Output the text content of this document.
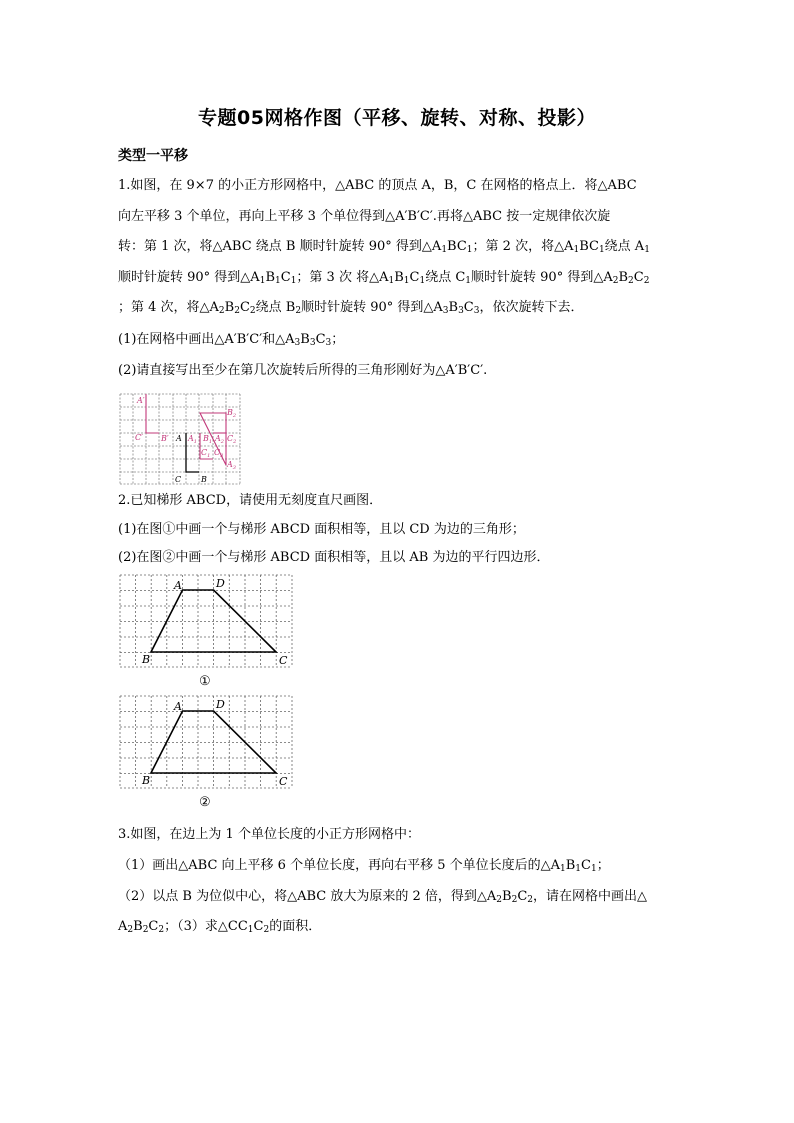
专题05网格作图（平移、旋转、对称、投影）
类型一平移
1.如图，在 9×7 的小正方形网格中，△ABC 的顶点 A，B，C 在网格的格点上．将△ABC
向左平移 3 个单位，再向上平移 3 个单位得到△A′B′C′.再将△ABC 按一定规律依次旋
转：第 1 次，将△ABC 绕点 B 顺时针旋转 90° 得到$\triangle A_1BC_1$；第 2 次，将$\triangle A_1BC_1$绕点 $A_1$
顺时针旋转 90° 得到$\triangle A_1B_1C_1$；第 3 次 将$\triangle A_1B_1C_1$绕点 $C_1$顺时针旋转 90° 得到$\triangle A_2B_2C_2$
；第 4 次，将$\triangle A_2B_2C_2$绕点 $B_2$顺时针旋转 90° 得到$\triangle A_3B_3C_3$，依次旋转下去．
(1)在网格中画出△A′B′C′和$\triangle A_3B_3C_3$；
(2)请直接写出至少在第几次旋转后所得的三角形刚好为△A′B′C′.
A′
C′ B′
$B_2$
$B_1$ $C_2$
$A_1$ $A_2$
$C_1$ $C_3$
$A_3$
A
C B
2.已知梯形 ABCD，请使用无刻度直尺画图．
(1)在图①中画一个与梯形 ABCD 面积相等，且以 CD 为边的三角形；
(2)在图②中画一个与梯形 ABCD 面积相等，且以 AB 为边的平行四边形．
A	D
B	C
①
A	D
B	C
②
3.如图，在边上为 1 个单位长度的小正方形网格中：
（1）画出△ABC 向上平移 6 个单位长度，再向右平移 5 个单位长度后的$\triangle A_1B_1C_1$；
（2）以点 B 为位似中心，将△ABC 放大为原来的 2 倍，得到$\triangle A_2B_2C_2$，请在网格中画出△
$A_2B_2C_2$；（3）求$\triangle CC_1C_2$的面积．
